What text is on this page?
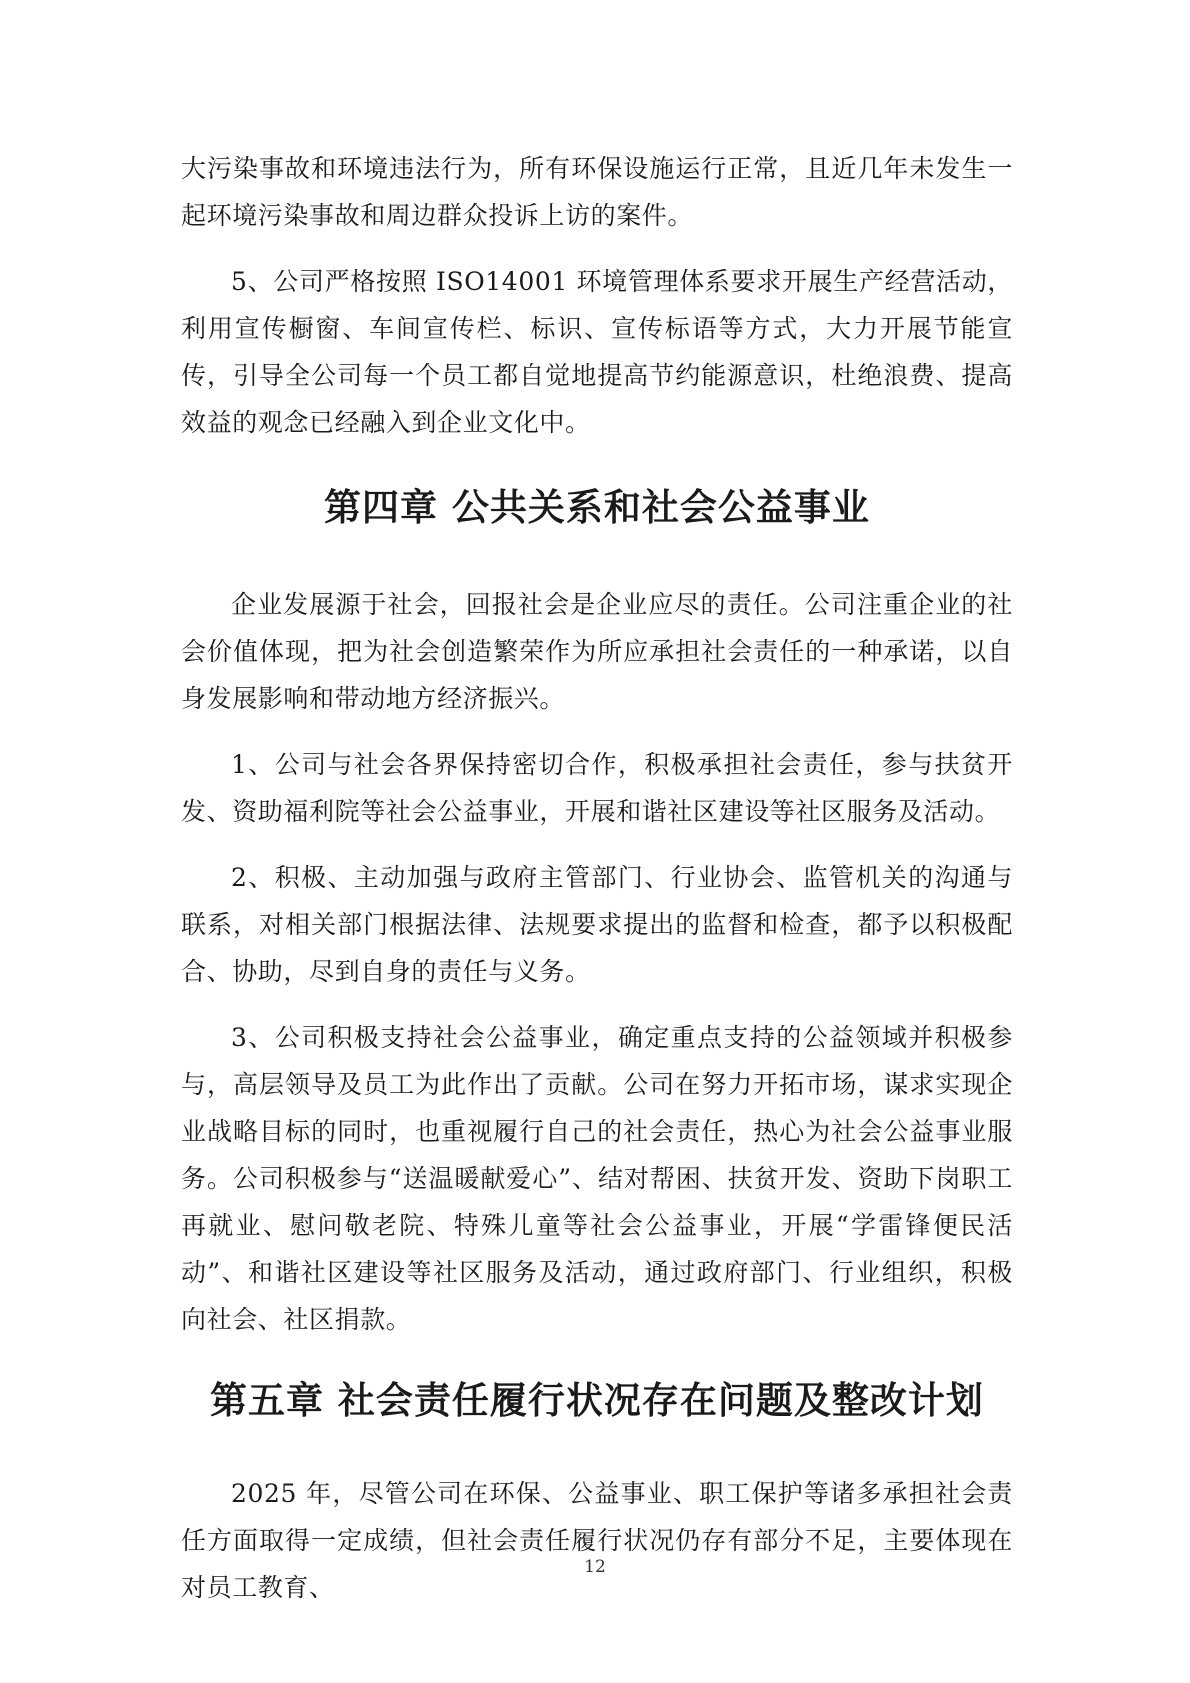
大污染事故和环境违法行为，所有环保设施运行正常，且近几年未发生一起环境污染事故和周边群众投诉上访的案件。

5、公司严格按照 ISO14001 环境管理体系要求开展生产经营活动，利用宣传橱窗、车间宣传栏、标识、宣传标语等方式，大力开展节能宣传，引导全公司每一个员工都自觉地提高节约能源意识，杜绝浪费、提高效益的观念已经融入到企业文化中。

第四章 公共关系和社会公益事业

企业发展源于社会，回报社会是企业应尽的责任。公司注重企业的社会价值体现，把为社会创造繁荣作为所应承担社会责任的一种承诺，以自身发展影响和带动地方经济振兴。

1、公司与社会各界保持密切合作，积极承担社会责任，参与扶贫开发、资助福利院等社会公益事业，开展和谐社区建设等社区服务及活动。

2、积极、主动加强与政府主管部门、行业协会、监管机关的沟通与联系，对相关部门根据法律、法规要求提出的监督和检查，都予以积极配合、协助，尽到自身的责任与义务。

3、公司积极支持社会公益事业，确定重点支持的公益领域并积极参与，高层领导及员工为此作出了贡献。公司在努力开拓市场，谋求实现企业战略目标的同时，也重视履行自己的社会责任，热心为社会公益事业服务。公司积极参与“送温暖献爱心”、结对帮困、扶贫开发、资助下岗职工再就业、慰问敬老院、特殊儿童等社会公益事业，开展“学雷锋便民活动”、和谐社区建设等社区服务及活动，通过政府部门、行业组织，积极向社会、社区捐款。

第五章 社会责任履行状况存在问题及整改计划

2025 年，尽管公司在环保、公益事业、职工保护等诸多承担社会责任方面取得一定成绩，但社会责任履行状况仍存有部分不足，主要体现在对员工教育、

12
